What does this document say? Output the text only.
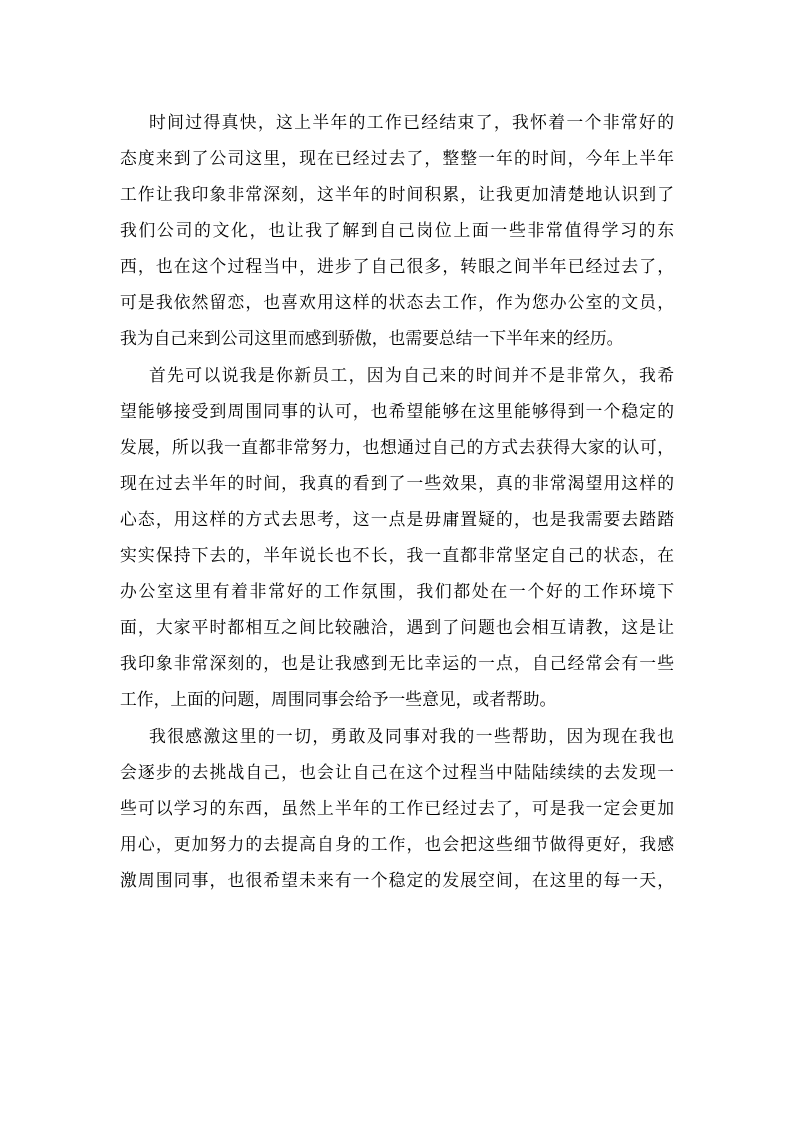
时间过得真快，这上半年的工作已经结束了，我怀着一个非常好的
态度来到了公司这里，现在已经过去了，整整一年的时间，今年上半年
工作让我印象非常深刻，这半年的时间积累，让我更加清楚地认识到了
我们公司的文化，也让我了解到自己岗位上面一些非常值得学习的东
西，也在这个过程当中，进步了自己很多，转眼之间半年已经过去了，
可是我依然留恋，也喜欢用这样的状态去工作，作为您办公室的文员，
我为自己来到公司这里而感到骄傲，也需要总结一下半年来的经历。
首先可以说我是你新员工，因为自己来的时间并不是非常久，我希
望能够接受到周围同事的认可，也希望能够在这里能够得到一个稳定的
发展，所以我一直都非常努力，也想通过自己的方式去获得大家的认可，
现在过去半年的时间，我真的看到了一些效果，真的非常渴望用这样的
心态，用这样的方式去思考，这一点是毋庸置疑的，也是我需要去踏踏
实实保持下去的，半年说长也不长，我一直都非常坚定自己的状态，在
办公室这里有着非常好的工作氛围，我们都处在一个好的工作环境下
面，大家平时都相互之间比较融洽，遇到了问题也会相互请教，这是让
我印象非常深刻的，也是让我感到无比幸运的一点，自己经常会有一些
工作，上面的问题，周围同事会给予一些意见，或者帮助。
我很感激这里的一切，勇敢及同事对我的一些帮助，因为现在我也
会逐步的去挑战自己，也会让自己在这个过程当中陆陆续续的去发现一
些可以学习的东西，虽然上半年的工作已经过去了，可是我一定会更加
用心，更加努力的去提高自身的工作，也会把这些细节做得更好，我感
激周围同事，也很希望未来有一个稳定的发展空间，在这里的每一天，
